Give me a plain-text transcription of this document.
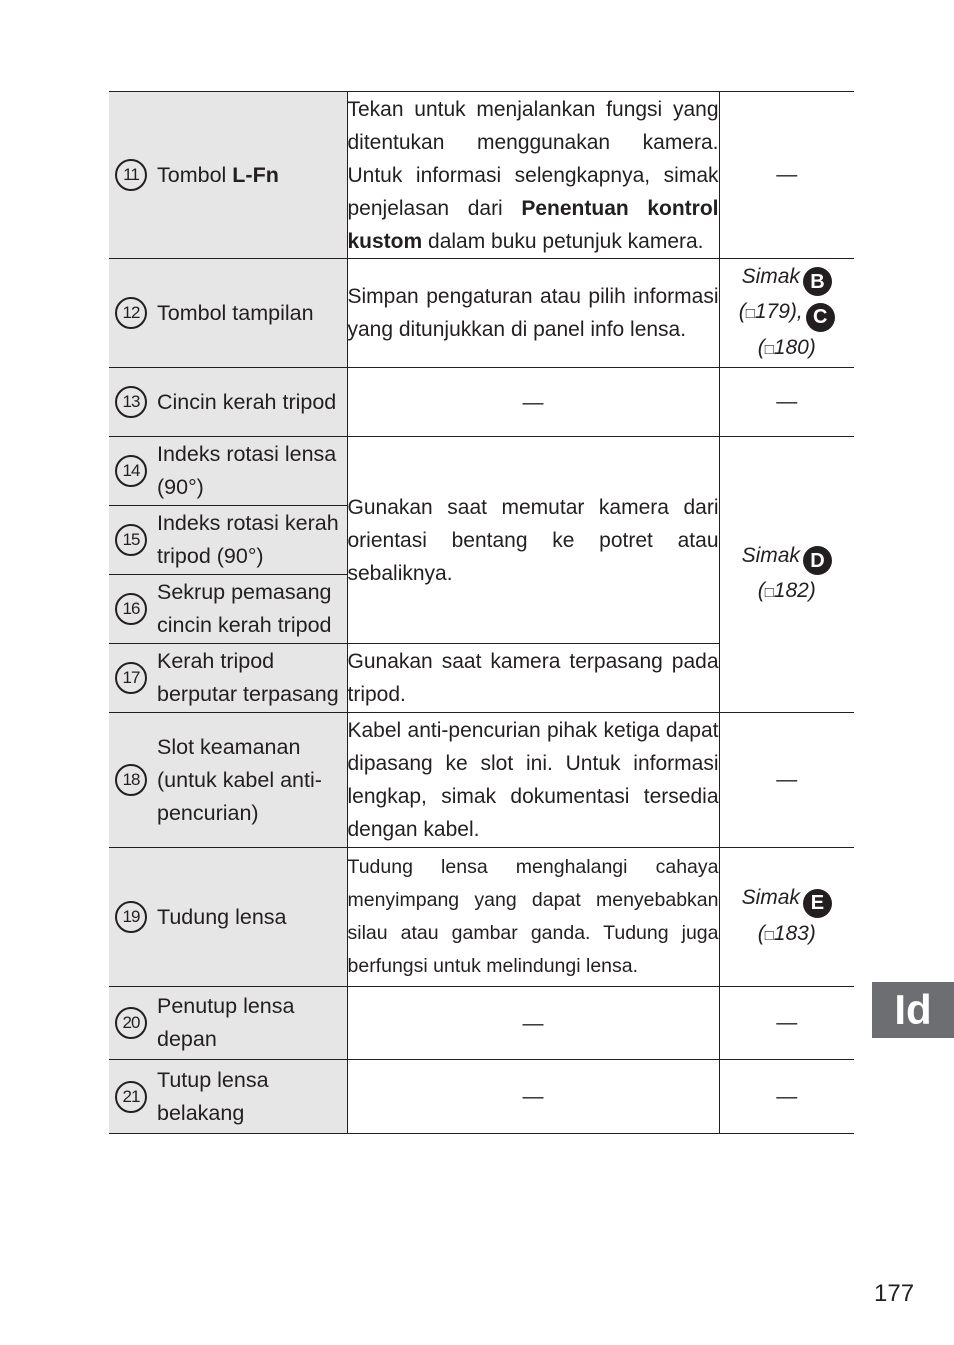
11 Tombol L-Fn	Tekan untuk menjalankan fungsi yang ditentukan menggunakan kamera. Untuk informasi selengkapnya, simak penjelasan dari Penentuan kontrol kustom dalam buku petunjuk kamera.	—

12 Tombol tampilan	Simpan pengaturan atau pilih informasi yang ditunjukkan di panel info lensa.	Simak B
(□179), C
(□180)

13 Cincin kerah tripod	—	—

14
Indeks rotasi lensa (90°)	Gunakan saat memutar kamera dari orientasi bentang ke potret atau sebaliknya.	Simak D
(□182)

15
Indeks rotasi kerah tripod (90°)		

16
Sekrup pemasang cincin kerah tripod		

17
Kerah tripod berputar terpasang	Gunakan saat kamera terpasang pada tripod.	

18
Slot keamanan (untuk kabel anti-pencurian)	Kabel anti-pencurian pihak ketiga dapat dipasang ke slot ini. Untuk informasi lengkap, simak dokumentasi tersedia dengan kabel.	—

19 Tudung lensa	Tudung lensa menghalangi cahaya menyimpang yang dapat menyebabkan silau atau gambar ganda. Tudung juga berfungsi untuk melindungi lensa.	Simak E
(□183)

20
Penutup lensa depan	—	—

21
Tutup lensa belakang	—	—
Id
177
